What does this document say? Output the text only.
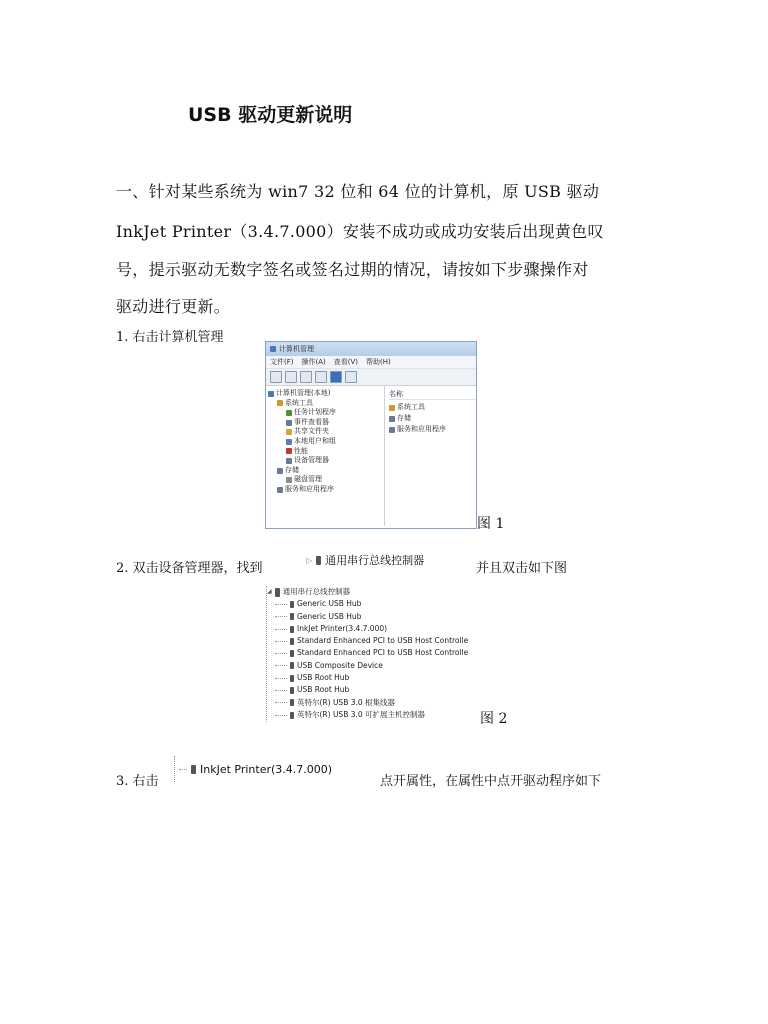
USB 驱动更新说明
一、针对某些系统为 win7 32 位和 64 位的计算机，原 USB 驱动
InkJet Printer（3.4.7.000）安装不成功或成功安装后出现黄色叹
号，提示驱动无数字签名或签名过期的情况，请按如下步骤操作对
驱动进行更新。
1. 右击计算机管理
计算机管理
文件(F) 操作(A) 查看(V) 帮助(H)
计算机管理(本地)
系统工具
任务计划程序
事件查看器
共享文件夹
本地用户和组
性能
设备管理器
存储
磁盘管理
服务和应用程序
名称
系统工具
存储
服务和应用程序
图 1
2. 双击设备管理器，找到
▷ 通用串行总线控制器
并且双击如下图
◢ 通用串行总线控制器
Generic USB Hub
Generic USB Hub
InkJet Printer(3.4.7.000)
Standard Enhanced PCI to USB Host Controlle
Standard Enhanced PCI to USB Host Controlle
USB Composite Device
USB Root Hub
USB Root Hub
英特尔(R) USB 3.0 根集线器
英特尔(R) USB 3.0 可扩展主机控制器	图 2
3. 右击
InkJet Printer(3.4.7.000)
点开属性，在属性中点开驱动程序如下
